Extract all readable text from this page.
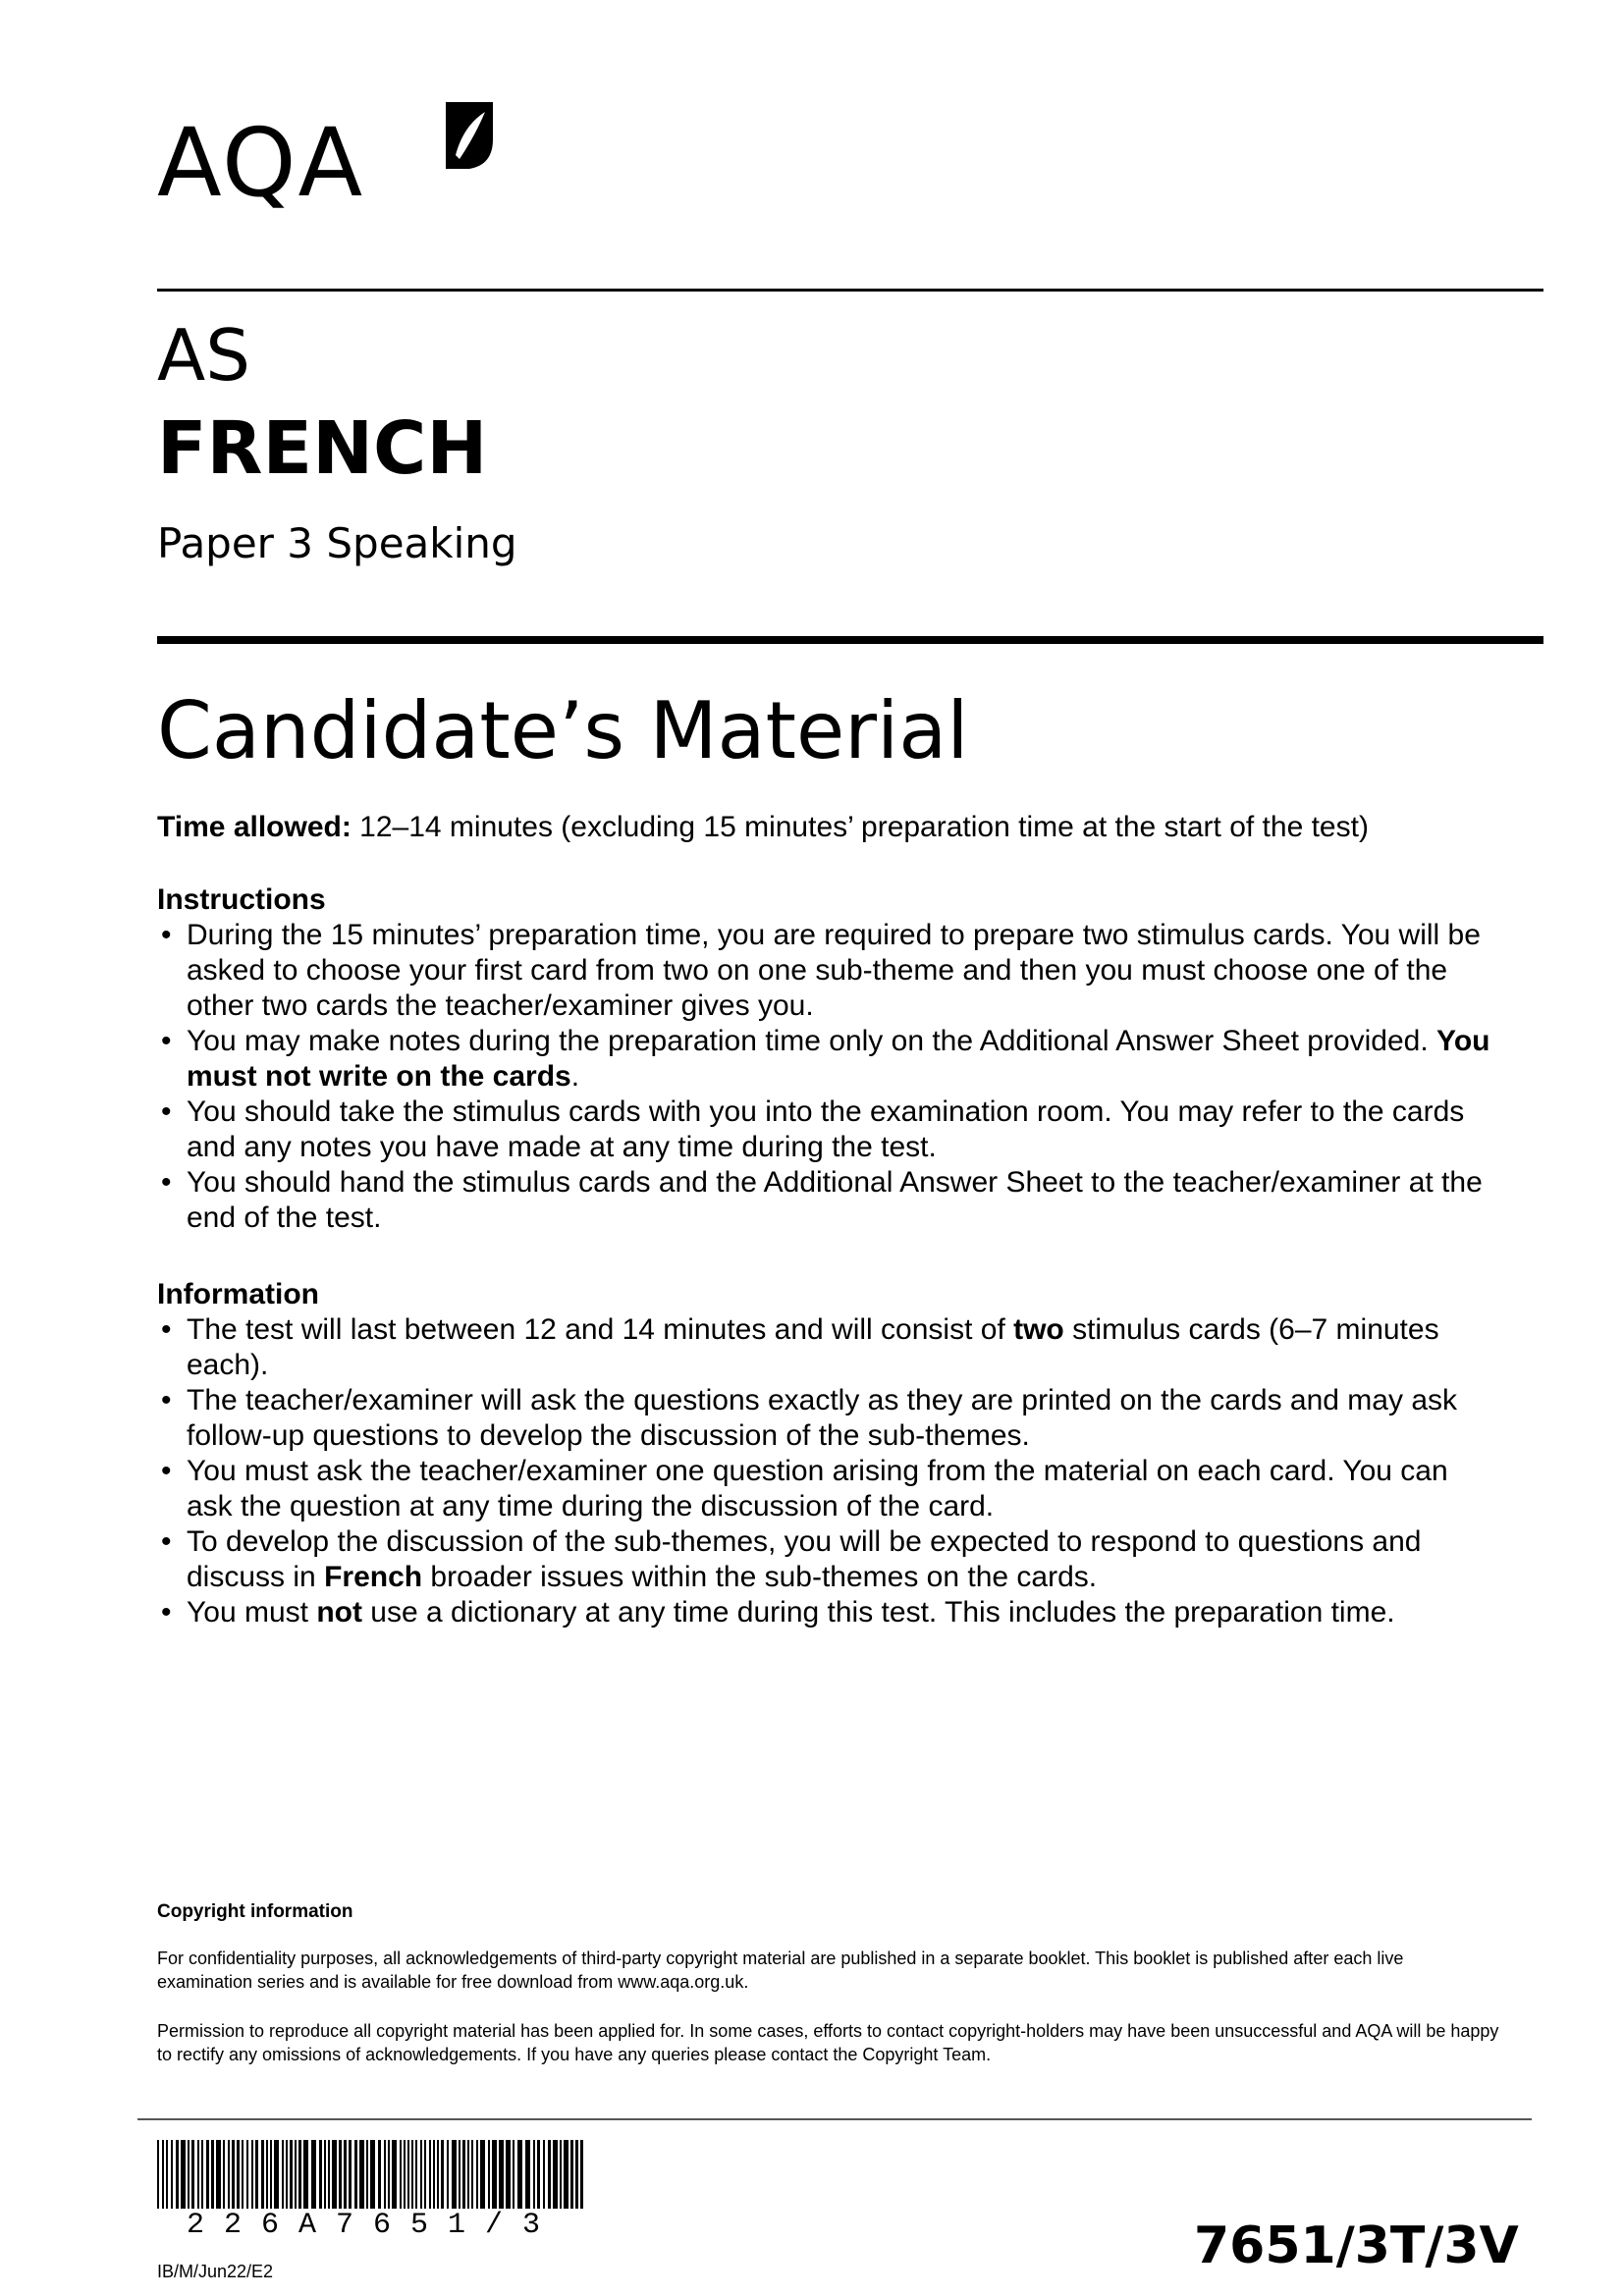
AQA
AS
FRENCH
Paper 3 Speaking
Candidate’s Material
Time allowed: 12–14 minutes (excluding 15 minutes’ preparation time at the start of the test)
Instructions
• During the 15 minutes’ preparation time, you are required to prepare two stimulus cards. You will be asked to choose your first card from two on one sub-theme and then you must choose one of the other two cards the teacher/examiner gives you.
• You may make notes during the preparation time only on the Additional Answer Sheet provided. You must not write on the cards.
• You should take the stimulus cards with you into the examination room. You may refer to the cards and any notes you have made at any time during the test.
• You should hand the stimulus cards and the Additional Answer Sheet to the teacher/examiner at the end of the test.
Information
• The test will last between 12 and 14 minutes and will consist of two stimulus cards (6–7 minutes each).
• The teacher/examiner will ask the questions exactly as they are printed on the cards and may ask follow-up questions to develop the discussion of the sub-themes.
• You must ask the teacher/examiner one question arising from the material on each card. You can ask the question at any time during the discussion of the card.
• To develop the discussion of the sub-themes, you will be expected to respond to questions and discuss in French broader issues within the sub-themes on the cards.
• You must not use a dictionary at any time during this test. This includes the preparation time.
Copyright information
For confidentiality purposes, all acknowledgements of third-party copyright material are published in a separate booklet. This booklet is published after each live examination series and is available for free download from www.aqa.org.uk.
Permission to reproduce all copyright material has been applied for. In some cases, efforts to contact copyright-holders may have been unsuccessful and AQA will be happy to rectify any omissions of acknowledgements. If you have any queries please contact the Copyright Team.
226A7651/3
IB/M/Jun22/E2	7651/3T/3V
